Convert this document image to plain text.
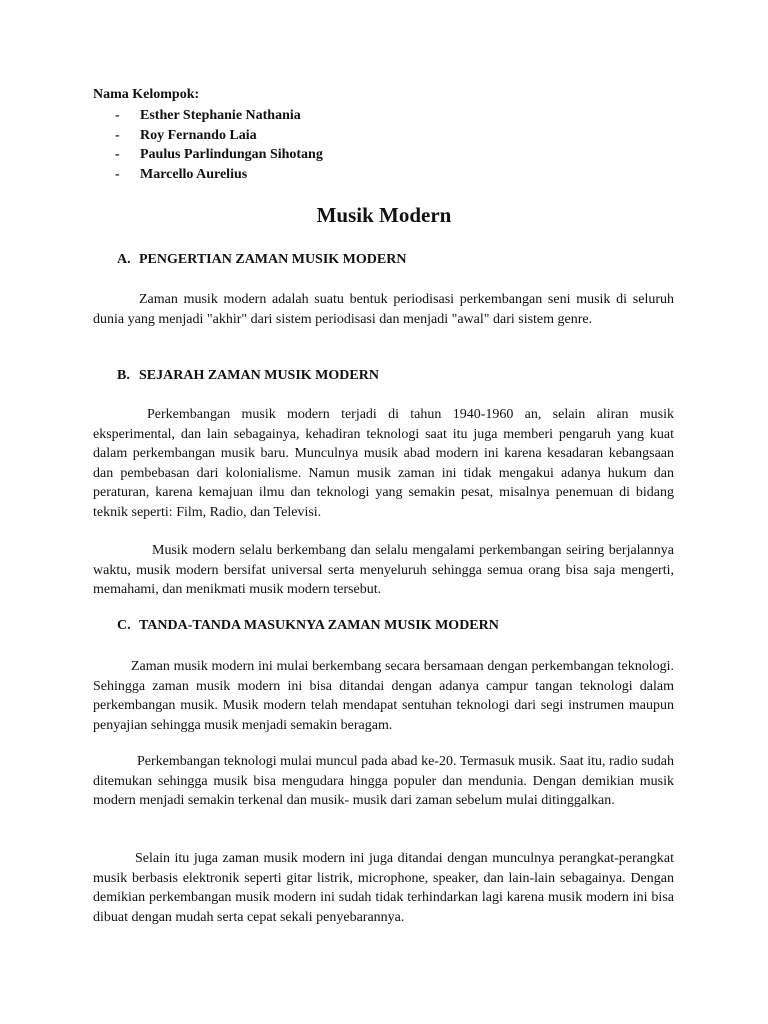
Nama Kelompok:

- Esther Stephanie Nathania
- Roy Fernando Laia
- Paulus Parlindungan Sihotang
- Marcello Aurelius
Musik Modern
A. PENGERTIAN ZAMAN MUSIK MODERN

Zaman musik modern adalah suatu bentuk periodisasi perkembangan seni musik di seluruh dunia yang menjadi "akhir" dari sistem periodisasi dan menjadi "awal" dari sistem genre.

B. SEJARAH ZAMAN MUSIK MODERN

Perkembangan musik modern terjadi di tahun 1940-1960 an, selain aliran musik eksperimental, dan lain sebagainya, kehadiran teknologi saat itu juga memberi pengaruh yang kuat dalam perkembangan musik baru. Munculnya musik abad modern ini karena kesadaran kebangsaan dan pembebasan dari kolonialisme. Namun musik zaman ini tidak mengakui adanya hukum dan peraturan, karena kemajuan ilmu dan teknologi yang semakin pesat, misalnya penemuan di bidang teknik seperti: Film, Radio, dan Televisi.

Musik modern selalu berkembang dan selalu mengalami perkembangan seiring berjalannya waktu, musik modern bersifat universal serta menyeluruh sehingga semua orang bisa saja mengerti, memahami, dan menikmati musik modern tersebut.

C. TANDA-TANDA MASUKNYA ZAMAN MUSIK MODERN

Zaman musik modern ini mulai berkembang secara bersamaan dengan perkembangan teknologi. Sehingga zaman musik modern ini bisa ditandai dengan adanya campur tangan teknologi dalam perkembangan musik. Musik modern telah mendapat sentuhan teknologi dari segi instrumen maupun penyajian sehingga musik menjadi semakin beragam.

Perkembangan teknologi mulai muncul pada abad ke-20. Termasuk musik. Saat itu, radio sudah ditemukan sehingga musik bisa mengudara hingga populer dan mendunia. Dengan demikian musik modern menjadi semakin terkenal dan musik- musik dari zaman sebelum mulai ditinggalkan.

Selain itu juga zaman musik modern ini juga ditandai dengan munculnya perangkat-perangkat musik berbasis elektronik seperti gitar listrik, microphone, speaker, dan lain-lain sebagainya. Dengan demikian perkembangan musik modern ini sudah tidak terhindarkan lagi karena musik modern ini bisa dibuat dengan mudah serta cepat sekali penyebarannya.
